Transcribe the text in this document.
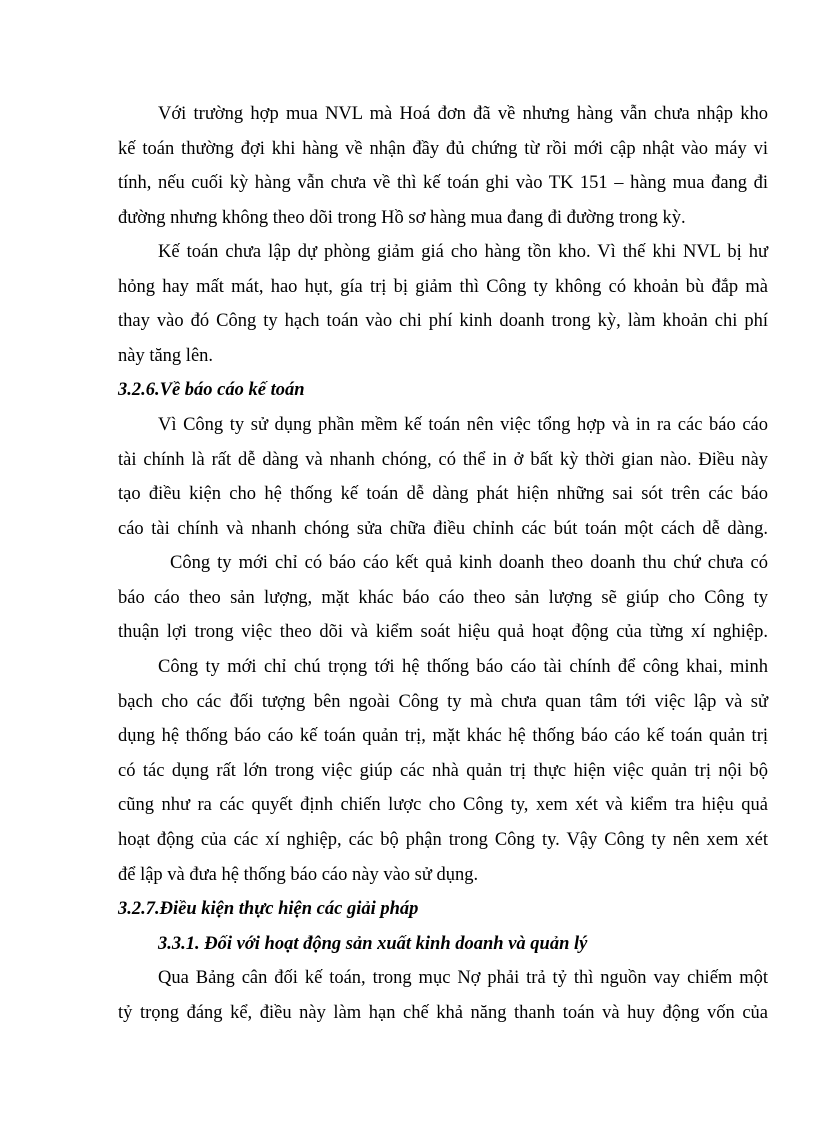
Với trường hợp mua NVL mà Hoá đơn đã về nhưng hàng vẫn chưa nhập kho
kế toán thường đợi khi hàng về nhận đầy đủ chứng từ rồi mới cập nhật vào máy vi
tính, nếu cuối kỳ hàng vẫn chưa về thì kế toán ghi vào TK 151 – hàng mua đang đi
đường nhưng không theo dõi trong Hồ sơ hàng mua đang đi đường trong kỳ.

Kế toán chưa lập dự phòng giảm giá cho hàng tồn kho. Vì thế khi NVL bị hư
hỏng hay mất mát, hao hụt, gía trị bị giảm thì Công ty không có khoản bù đắp mà
thay vào đó Công ty hạch toán vào chi phí kinh doanh trong kỳ, làm khoản chi phí
này tăng lên.

3.2.6.Về báo cáo kế toán

Vì Công ty sử dụng phần mềm kế toán nên việc tổng hợp và in ra các báo cáo
tài chính là rất dễ dàng và nhanh chóng, có thể in ở bất kỳ thời gian nào. Điều này
tạo điều kiện cho hệ thống kế toán dễ dàng phát hiện những sai sót trên các báo
cáo tài chính và nhanh chóng sửa chữa điều chỉnh các bút toán một cách dễ dàng.

Công ty mới chỉ có báo cáo kết quả kinh doanh theo doanh thu chứ chưa có
báo cáo theo sản lượng, mặt khác báo cáo theo sản lượng sẽ giúp cho Công ty
thuận lợi trong việc theo dõi và kiểm soát hiệu quả hoạt động của từng xí nghiệp.

Công ty mới chỉ chú trọng tới hệ thống báo cáo tài chính để công khai, minh
bạch cho các đối tượng bên ngoài Công ty mà chưa quan tâm tới việc lập và sử
dụng hệ thống báo cáo kế toán quản trị, mặt khác hệ thống báo cáo kế toán quản trị
có tác dụng rất lớn trong việc giúp các nhà quản trị thực hiện việc quản trị nội bộ
cũng như ra các quyết định chiến lược cho Công ty, xem xét và kiểm tra hiệu quả
hoạt động của các xí nghiệp, các bộ phận trong Công ty. Vậy Công ty nên xem xét
để lập và đưa hệ thống báo cáo này vào sử dụng.

3.2.7.Điều kiện thực hiện các giải pháp

3.3.1. Đối với hoạt động sản xuất kinh doanh và quản lý

Qua Bảng cân đối kế toán, trong mục Nợ phải trả tỷ thì nguồn vay chiếm một
tỷ trọng đáng kể, điều này làm hạn chế khả năng thanh toán và huy động vốn của
